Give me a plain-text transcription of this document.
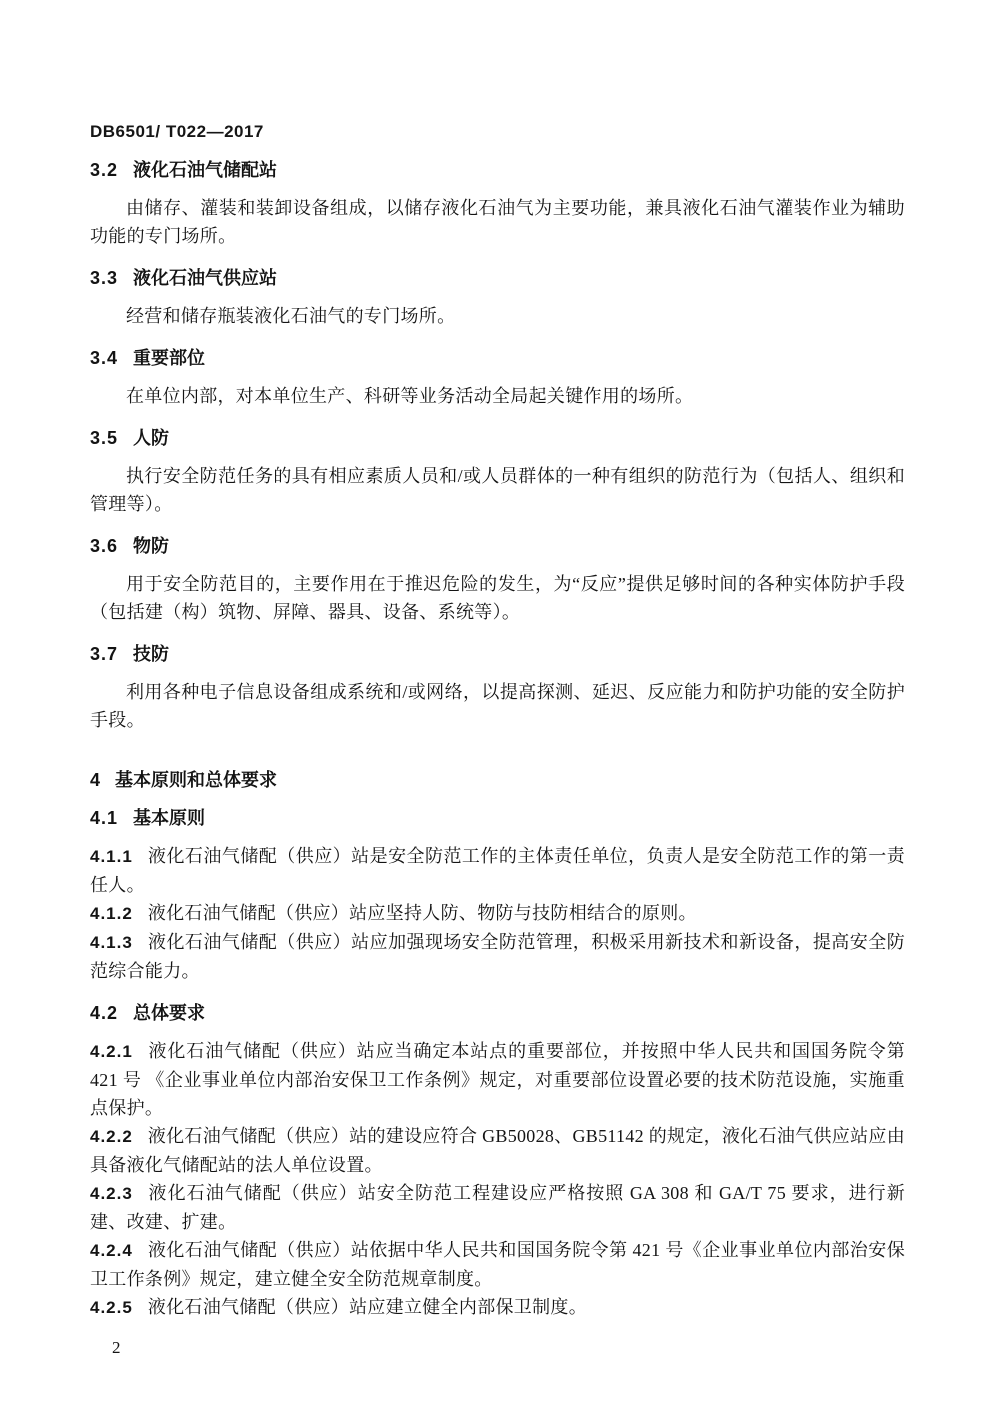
DB6501/ T022—2017
3.2 液化石油气储配站

由储存、灌装和装卸设备组成，以储存液化石油气为主要功能，兼具液化石油气灌装作业为辅助功能的专门场所。

3.3 液化石油气供应站

经营和储存瓶装液化石油气的专门场所。

3.4 重要部位

在单位内部，对本单位生产、科研等业务活动全局起关键作用的场所。

3.5 人防

执行安全防范任务的具有相应素质人员和/或人员群体的一种有组织的防范行为（包括人、组织和管理等）。

3.6 物防

用于安全防范目的，主要作用在于推迟危险的发生，为“反应”提供足够时间的各种实体防护手段（包括建（构）筑物、屏障、器具、设备、系统等）。

3.7 技防

利用各种电子信息设备组成系统和/或网络，以提高探测、延迟、反应能力和防护功能的安全防护手段。

4 基本原则和总体要求
4.1 基本原则

4.1.1 液化石油气储配（供应）站是安全防范工作的主体责任单位，负责人是安全防范工作的第一责任人。

4.1.2 液化石油气储配（供应）站应坚持人防、物防与技防相结合的原则。

4.1.3 液化石油气储配（供应）站应加强现场安全防范管理，积极采用新技术和新设备，提高安全防范综合能力。

4.2 总体要求

4.2.1 液化石油气储配（供应）站应当确定本站点的重要部位，并按照中华人民共和国国务院令第 421 号 《企业事业单位内部治安保卫工作条例》规定，对重要部位设置必要的技术防范设施，实施重点保护。

4.2.2 液化石油气储配（供应）站的建设应符合 GB50028、GB51142 的规定，液化石油气供应站应由具备液化气储配站的法人单位设置。

4.2.3 液化石油气储配（供应）站安全防范工程建设应严格按照 GA 308 和 GA/T 75 要求，进行新建、改建、扩建。

4.2.4 液化石油气储配（供应）站依据中华人民共和国国务院令第 421 号《企业事业单位内部治安保卫工作条例》规定，建立健全安全防范规章制度。

4.2.5 液化石油气储配（供应）站应建立健全内部保卫制度。

2
